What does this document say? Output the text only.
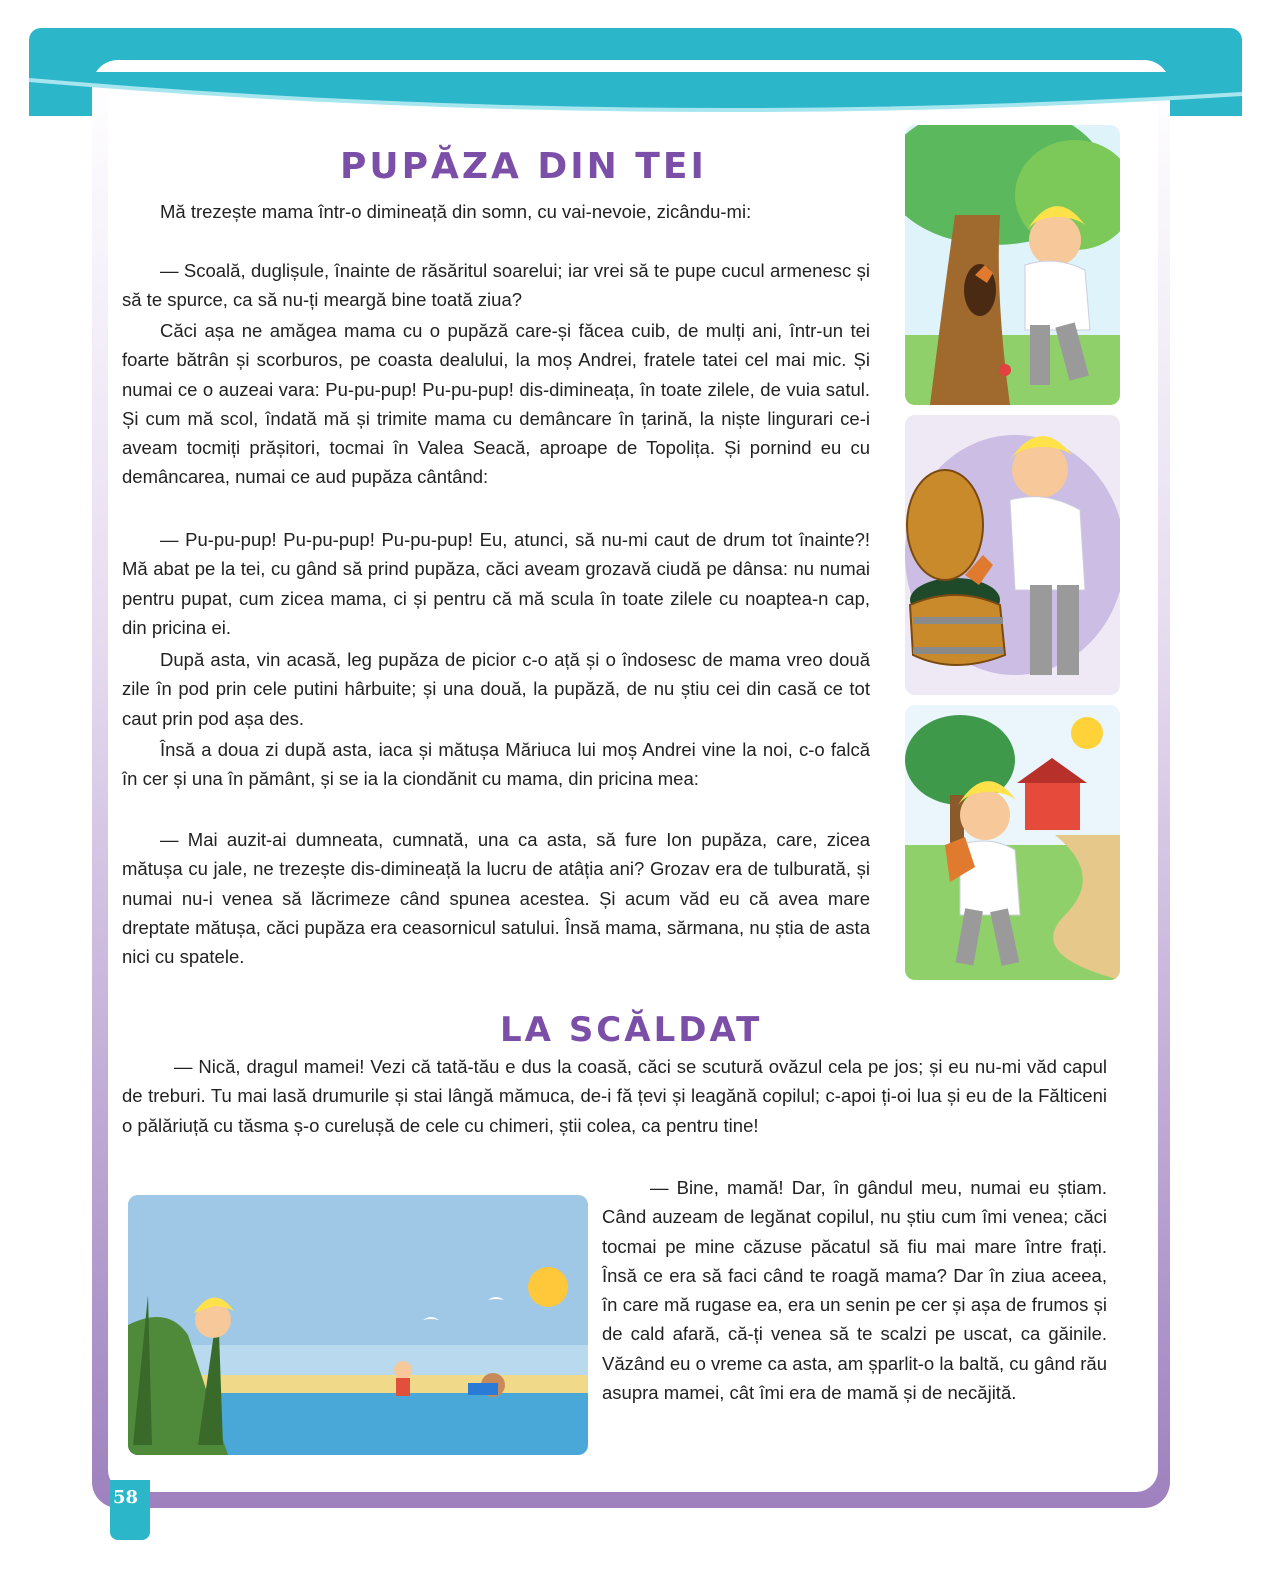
PUPĂZA DIN TEI

Mă trezește mama într-o dimineață din somn, cu vai-nevoie, zicându-mi:

— Scoală, duglișule, înainte de răsăritul soarelui; iar vrei să te pupe cucul armenesc și să te spurce, ca să nu-ți meargă bine toată ziua?

Căci așa ne amăgea mama cu o pupăză care-și făcea cuib, de mulți ani, într-un tei foarte bătrân și scorburos, pe coasta dealului, la moș Andrei, fratele tatei cel mai mic. Și numai ce o auzeai vara: Pu-pu-pup! Pu-pu-pup! dis-dimineața, în toate zilele, de vuia satul. Și cum mă scol, îndată mă și trimite mama cu demâncare în țarină, la niște lingurari ce-i aveam tocmiți prășitori, tocmai în Valea Seacă, aproape de Topolița. Și pornind eu cu demâncarea, numai ce aud pupăza cântând:

— Pu-pu-pup! Pu-pu-pup! Pu-pu-pup! Eu, atunci, să nu-mi caut de drum tot înainte?! Mă abat pe la tei, cu gând să prind pupăza, căci aveam grozavă ciudă pe dânsa: nu numai pentru pupat, cum zicea mama, ci și pentru că mă scula în toate zilele cu noaptea-n cap, din pricina ei.

După asta, vin acasă, leg pupăza de picior c-o ață și o îndosesc de mama vreo două zile în pod prin cele putini hârbuite; și una două, la pupăză, de nu știu cei din casă ce tot caut prin pod așa des.

Însă a doua zi după asta, iaca și mătușa Măriuca lui moș Andrei vine la noi, c-o falcă în cer și una în pământ, și se ia la ciondănit cu mama, din pricina mea:

— Mai auzit-ai dumneata, cumnată, una ca asta, să fure Ion pupăza, care, zicea mătușa cu jale, ne trezește dis-dimineață la lucru de atâția ani? Grozav era de tulburată, și numai nu-i venea să lăcrimeze când spunea acestea. Și acum văd eu că avea mare dreptate mătușa, căci pupăza era ceasornicul satului. Însă mama, sărmana, nu știa de asta nici cu spatele.

LA SCĂLDAT

— Nică, dragul mamei! Vezi că tată-tău e dus la coasă, căci se scutură ovăzul cela pe jos; și eu nu-mi văd capul de treburi. Tu mai lasă drumurile și stai lângă mămuca, de-i fă țevi și leagănă copilul; c-apoi ți-oi lua și eu de la Fălticeni o pălăriuță cu tăsma ș-o curelușă de cele cu chimeri, știi colea, ca pentru tine!

— Bine, mamă! Dar, în gândul meu, numai eu știam. Când auzeam de legănat copilul, nu știu cum îmi venea; căci tocmai pe mine căzuse păcatul să fiu mai mare între frați. Însă ce era să faci când te roagă mama? Dar în ziua aceea, în care mă rugase ea, era un senin pe cer și așa de frumos și de cald afară, că-ți venea să te scalzi pe uscat, ca găinile. Văzând eu o vreme ca asta, am șparlit-o la baltă, cu gând rău asupra mamei, cât îmi era de mamă și de necăjită.

58
